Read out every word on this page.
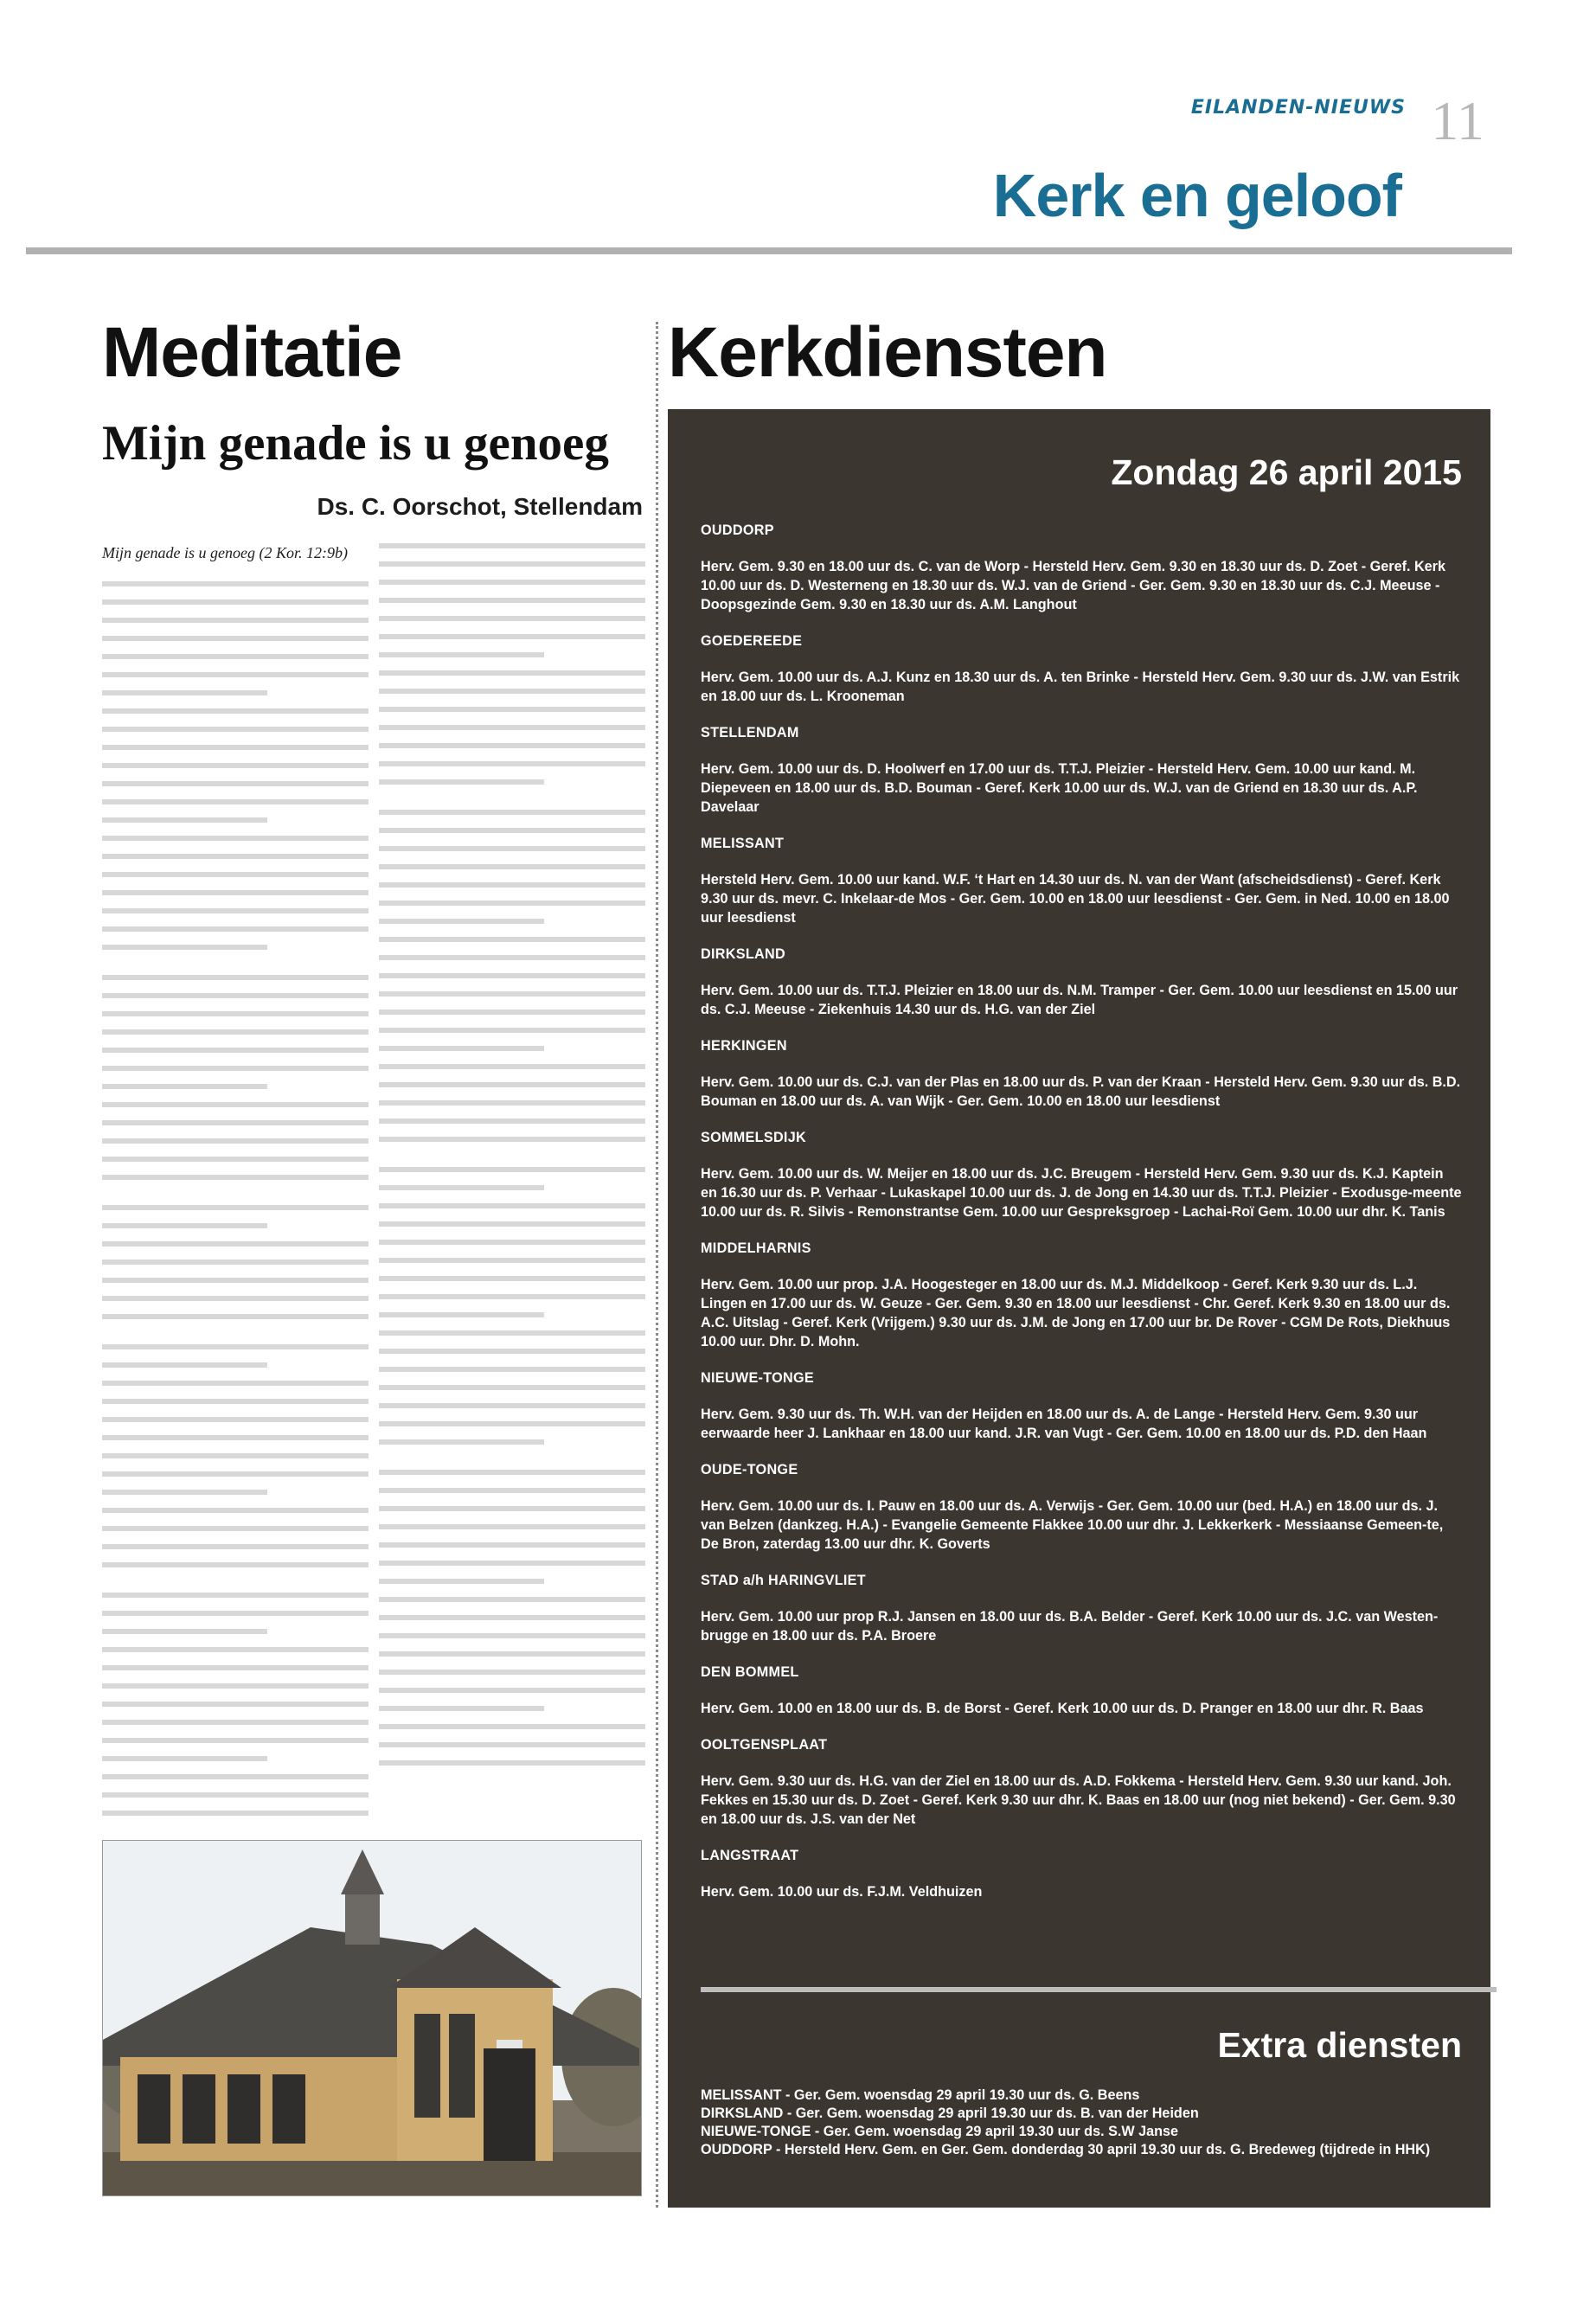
EILANDEN-NIEUWS 11
Kerk en geloof
Meditatie
Mijn genade is u genoeg
Ds. C. Oorschot, Stellendam

Mijn genade is u genoeg (2 Kor. 12:9b)

Kerkdiensten
Zondag 26 april 2015
OUDDORP
Herv. Gem. 9.30 en 18.00 uur ds. C. van de Worp - Hersteld Herv. Gem. 9.30 en 18.30 uur ds. D. Zoet - Geref. Kerk 10.00 uur ds. D. Westerneng en 18.30 uur ds. W.J. van de Griend - Ger. Gem. 9.30 en 18.30 uur ds. C.J. Meeuse - Doopsgezinde Gem. 9.30 en 18.30 uur ds. A.M. Langhout
GOEDEREEDE
Herv. Gem. 10.00 uur ds. A.J. Kunz en 18.30 uur ds. A. ten Brinke - Hersteld Herv. Gem. 9.30 uur ds. J.W. van Estrik en 18.00 uur ds. L. Krooneman
STELLENDAM
Herv. Gem. 10.00 uur ds. D. Hoolwerf en 17.00 uur ds. T.T.J. Pleizier - Hersteld Herv. Gem. 10.00 uur kand. M. Diepeveen en 18.00 uur ds. B.D. Bouman - Geref. Kerk 10.00 uur ds. W.J. van de Griend en 18.30 uur ds. A.P. Davelaar
MELISSANT
Hersteld Herv. Gem. 10.00 uur kand. W.F. ‘t Hart en 14.30 uur ds. N. van der Want (afscheidsdienst) - Geref. Kerk 9.30 uur ds. mevr. C. Inkelaar-de Mos - Ger. Gem. 10.00 en 18.00 uur leesdienst - Ger. Gem. in Ned. 10.00 en 18.00 uur leesdienst
DIRKSLAND
Herv. Gem. 10.00 uur ds. T.T.J. Pleizier en 18.00 uur ds. N.M. Tramper - Ger. Gem. 10.00 uur leesdienst en 15.00 uur ds. C.J. Meeuse - Ziekenhuis 14.30 uur ds. H.G. van der Ziel
HERKINGEN
Herv. Gem. 10.00 uur ds. C.J. van der Plas en 18.00 uur ds. P. van der Kraan - Hersteld Herv. Gem. 9.30 uur ds. B.D. Bouman en 18.00 uur ds. A. van Wijk - Ger. Gem. 10.00 en 18.00 uur leesdienst
SOMMELSDIJK
Herv. Gem. 10.00 uur ds. W. Meijer en 18.00 uur ds. J.C. Breugem - Hersteld Herv. Gem. 9.30 uur ds. K.J. Kaptein en 16.30 uur ds. P. Verhaar - Lukaskapel 10.00 uur ds. J. de Jong en 14.30 uur ds. T.T.J. Pleizier - Exodusge-meente 10.00 uur ds. R. Silvis - Remonstrantse Gem. 10.00 uur Gespreksgroep - Lachai-Roï Gem. 10.00 uur dhr. K. Tanis
MIDDELHARNIS
Herv. Gem. 10.00 uur prop. J.A. Hoogesteger en 18.00 uur ds. M.J. Middelkoop - Geref. Kerk 9.30 uur ds. L.J. Lingen en 17.00 uur ds. W. Geuze - Ger. Gem. 9.30 en 18.00 uur leesdienst - Chr. Geref. Kerk 9.30 en 18.00 uur ds. A.C. Uitslag - Geref. Kerk (Vrijgem.) 9.30 uur ds. J.M. de Jong en 17.00 uur br. De Rover - CGM De Rots, Diekhuus 10.00 uur. Dhr. D. Mohn.
NIEUWE-TONGE
Herv. Gem. 9.30 uur ds. Th. W.H. van der Heijden en 18.00 uur ds. A. de Lange - Hersteld Herv. Gem. 9.30 uur eerwaarde heer J. Lankhaar en 18.00 uur kand. J.R. van Vugt - Ger. Gem. 10.00 en 18.00 uur ds. P.D. den Haan
OUDE-TONGE
Herv. Gem. 10.00 uur ds. I. Pauw en 18.00 uur ds. A. Verwijs - Ger. Gem. 10.00 uur (bed. H.A.) en 18.00 uur ds. J. van Belzen (dankzeg. H.A.) - Evangelie Gemeente Flakkee 10.00 uur dhr. J. Lekkerkerk - Messiaanse Gemeen-te, De Bron, zaterdag 13.00 uur dhr. K. Goverts
STAD a/h HARINGVLIET
Herv. Gem. 10.00 uur prop R.J. Jansen en 18.00 uur ds. B.A. Belder - Geref. Kerk 10.00 uur ds. J.C. van Westen-brugge en 18.00 uur ds. P.A. Broere
DEN BOMMEL
Herv. Gem. 10.00 en 18.00 uur ds. B. de Borst - Geref. Kerk 10.00 uur ds. D. Pranger en 18.00 uur dhr. R. Baas
OOLTGENSPLAAT
Herv. Gem. 9.30 uur ds. H.G. van der Ziel en 18.00 uur ds. A.D. Fokkema - Hersteld Herv. Gem. 9.30 uur kand. Joh. Fekkes en 15.30 uur ds. D. Zoet - Geref. Kerk 9.30 uur dhr. K. Baas en 18.00 uur (nog niet bekend) - Ger. Gem. 9.30 en 18.00 uur ds. J.S. van der Net
LANGSTRAAT
Herv. Gem. 10.00 uur ds. F.J.M. Veldhuizen
Extra diensten
MELISSANT - Ger. Gem. woensdag 29 april 19.30 uur ds. G. Beens
DIRKSLAND - Ger. Gem. woensdag 29 april 19.30 uur ds. B. van der Heiden
NIEUWE-TONGE - Ger. Gem. woensdag 29 april 19.30 uur ds. S.W Janse
OUDDORP - Hersteld Herv. Gem. en Ger. Gem. donderdag 30 april 19.30 uur ds. G. Bredeweg (tijdrede in HHK)
